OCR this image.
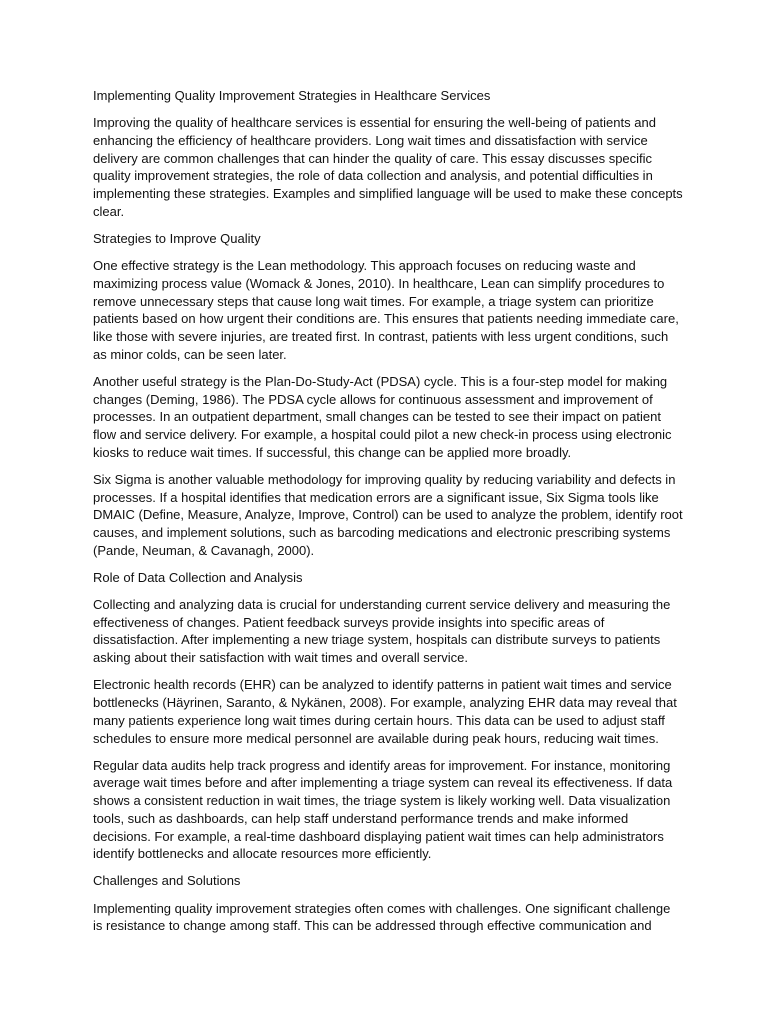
Implementing Quality Improvement Strategies in Healthcare Services

Improving the quality of healthcare services is essential for ensuring the well-being of patients and enhancing the efficiency of healthcare providers. Long wait times and dissatisfaction with service delivery are common challenges that can hinder the quality of care. This essay discusses specific quality improvement strategies, the role of data collection and analysis, and potential difficulties in implementing these strategies. Examples and simplified language will be used to make these concepts clear.

Strategies to Improve Quality

One effective strategy is the Lean methodology. This approach focuses on reducing waste and maximizing process value (Womack & Jones, 2010). In healthcare, Lean can simplify procedures to remove unnecessary steps that cause long wait times. For example, a triage system can prioritize patients based on how urgent their conditions are. This ensures that patients needing immediate care, like those with severe injuries, are treated first. In contrast, patients with less urgent conditions, such as minor colds, can be seen later.

Another useful strategy is the Plan-Do-Study-Act (PDSA) cycle. This is a four-step model for making changes (Deming, 1986). The PDSA cycle allows for continuous assessment and improvement of processes. In an outpatient department, small changes can be tested to see their impact on patient flow and service delivery. For example, a hospital could pilot a new check-in process using electronic kiosks to reduce wait times. If successful, this change can be applied more broadly.

Six Sigma is another valuable methodology for improving quality by reducing variability and defects in processes. If a hospital identifies that medication errors are a significant issue, Six Sigma tools like DMAIC (Define, Measure, Analyze, Improve, Control) can be used to analyze the problem, identify root causes, and implement solutions, such as barcoding medications and electronic prescribing systems (Pande, Neuman, & Cavanagh, 2000).

Role of Data Collection and Analysis

Collecting and analyzing data is crucial for understanding current service delivery and measuring the effectiveness of changes. Patient feedback surveys provide insights into specific areas of dissatisfaction. After implementing a new triage system, hospitals can distribute surveys to patients asking about their satisfaction with wait times and overall service.

Electronic health records (EHR) can be analyzed to identify patterns in patient wait times and service bottlenecks (Häyrinen, Saranto, & Nykänen, 2008). For example, analyzing EHR data may reveal that many patients experience long wait times during certain hours. This data can be used to adjust staff schedules to ensure more medical personnel are available during peak hours, reducing wait times.

Regular data audits help track progress and identify areas for improvement. For instance, monitoring average wait times before and after implementing a triage system can reveal its effectiveness. If data shows a consistent reduction in wait times, the triage system is likely working well. Data visualization tools, such as dashboards, can help staff understand performance trends and make informed decisions. For example, a real-time dashboard displaying patient wait times can help administrators identify bottlenecks and allocate resources more efficiently.

Challenges and Solutions

Implementing quality improvement strategies often comes with challenges. One significant challenge is resistance to change among staff. This can be addressed through effective communication and
